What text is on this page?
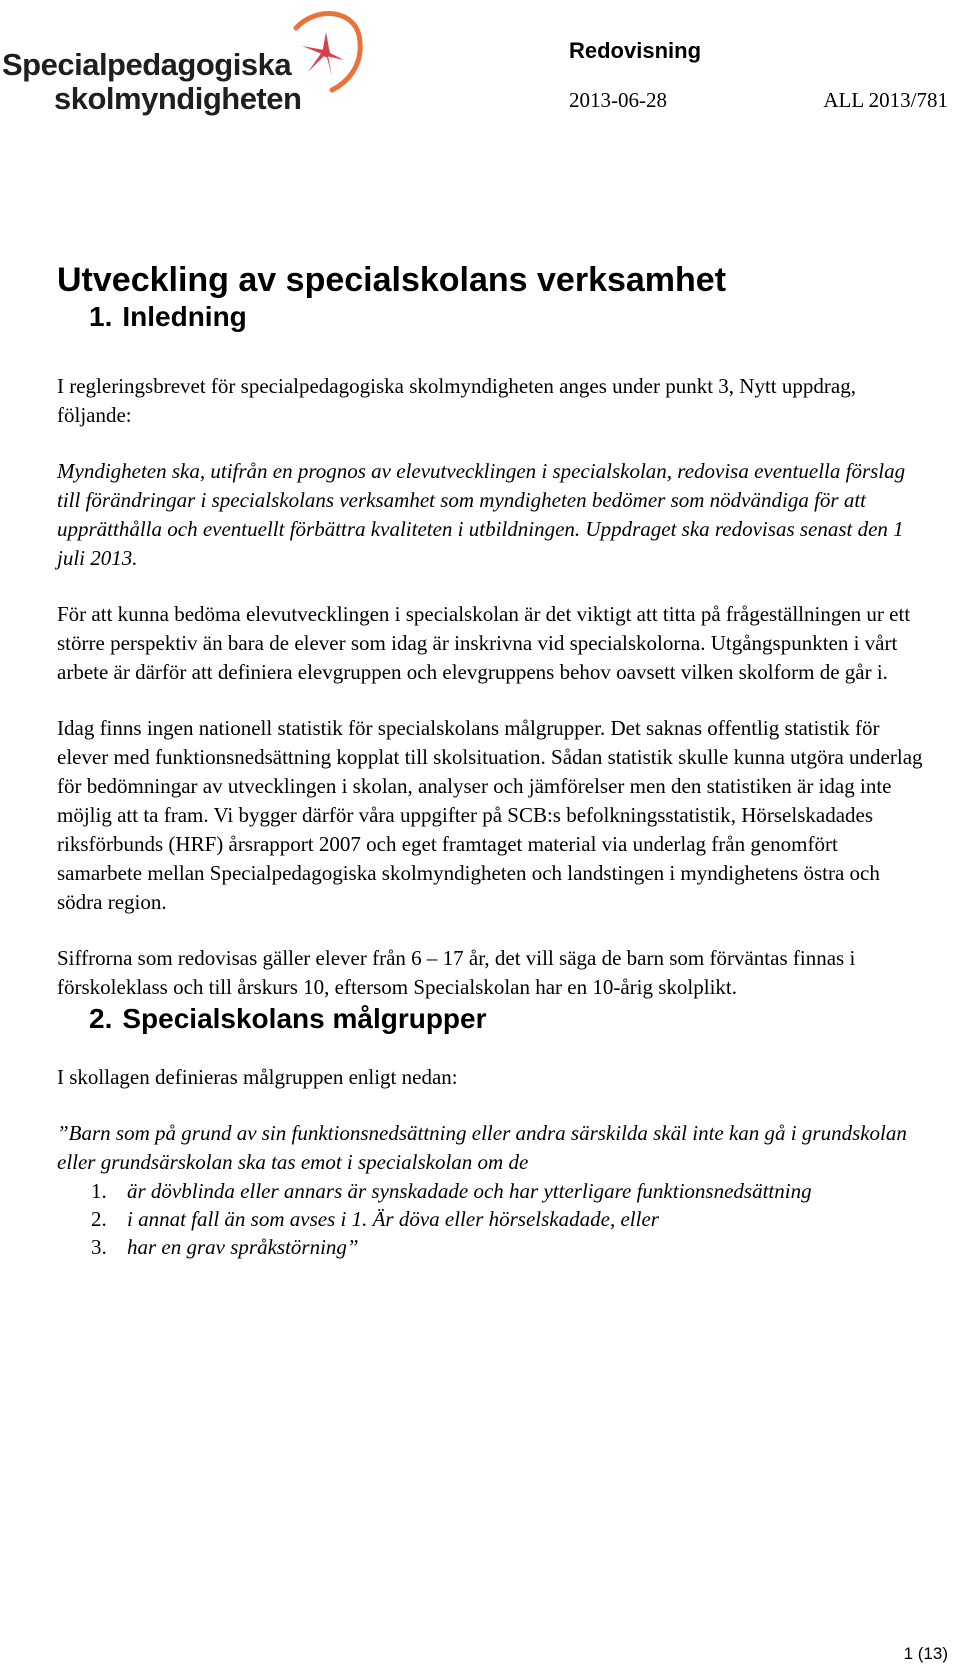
Specialpedagogiska
skolmyndigheten
Redovisning
2013-06-28	ALL 2013/781
Utveckling av specialskolans verksamhet
1. Inledning

I regleringsbrevet för specialpedagogiska skolmyndigheten anges under punkt 3, Nytt uppdrag, följande:

Myndigheten ska, utifrån en prognos av elevutvecklingen i specialskolan, redovisa eventuella förslag till förändringar i specialskolans verksamhet som myndigheten bedömer som nödvändiga för att upprätthålla och eventuellt förbättra kvaliteten i utbildningen. Uppdraget ska redovisas senast den 1 juli 2013.

För att kunna bedöma elevutvecklingen i specialskolan är det viktigt att titta på frågeställningen ur ett större perspektiv än bara de elever som idag är inskrivna vid specialskolorna. Utgångspunkten i vårt arbete är därför att definiera elevgruppen och elevgruppens behov oavsett vilken skolform de går i.

Idag finns ingen nationell statistik för specialskolans målgrupper. Det saknas offentlig statistik för elever med funktionsnedsättning kopplat till skolsituation. Sådan statistik skulle kunna utgöra underlag för bedömningar av utvecklingen i skolan, analyser och jämförelser men den statistiken är idag inte möjlig att ta fram. Vi bygger därför våra uppgifter på SCB:s befolkningsstatistik, Hörselskadades riksförbunds (HRF) årsrapport 2007 och eget framtaget material via underlag från genomfört samarbete mellan Specialpedagogiska skolmyndigheten och landstingen i myndighetens östra och södra region.

Siffrorna som redovisas gäller elever från 6 – 17 år, det vill säga de barn som förväntas finnas i förskoleklass och till årskurs 10, eftersom Specialskolan har en 10-årig skolplikt.

2. Specialskolans målgrupper

I skollagen definieras målgruppen enligt nedan:

”Barn som på grund av sin funktionsnedsättning eller andra särskilda skäl inte kan gå i grundskolan eller grundsärskolan ska tas emot i specialskolan om de

1. är dövblinda eller annars är synskadade och har ytterligare funktionsnedsättning
2. i annat fall än som avses i 1. Är döva eller hörselskadade, eller
3. har en grav språkstörning”
1 (13)
